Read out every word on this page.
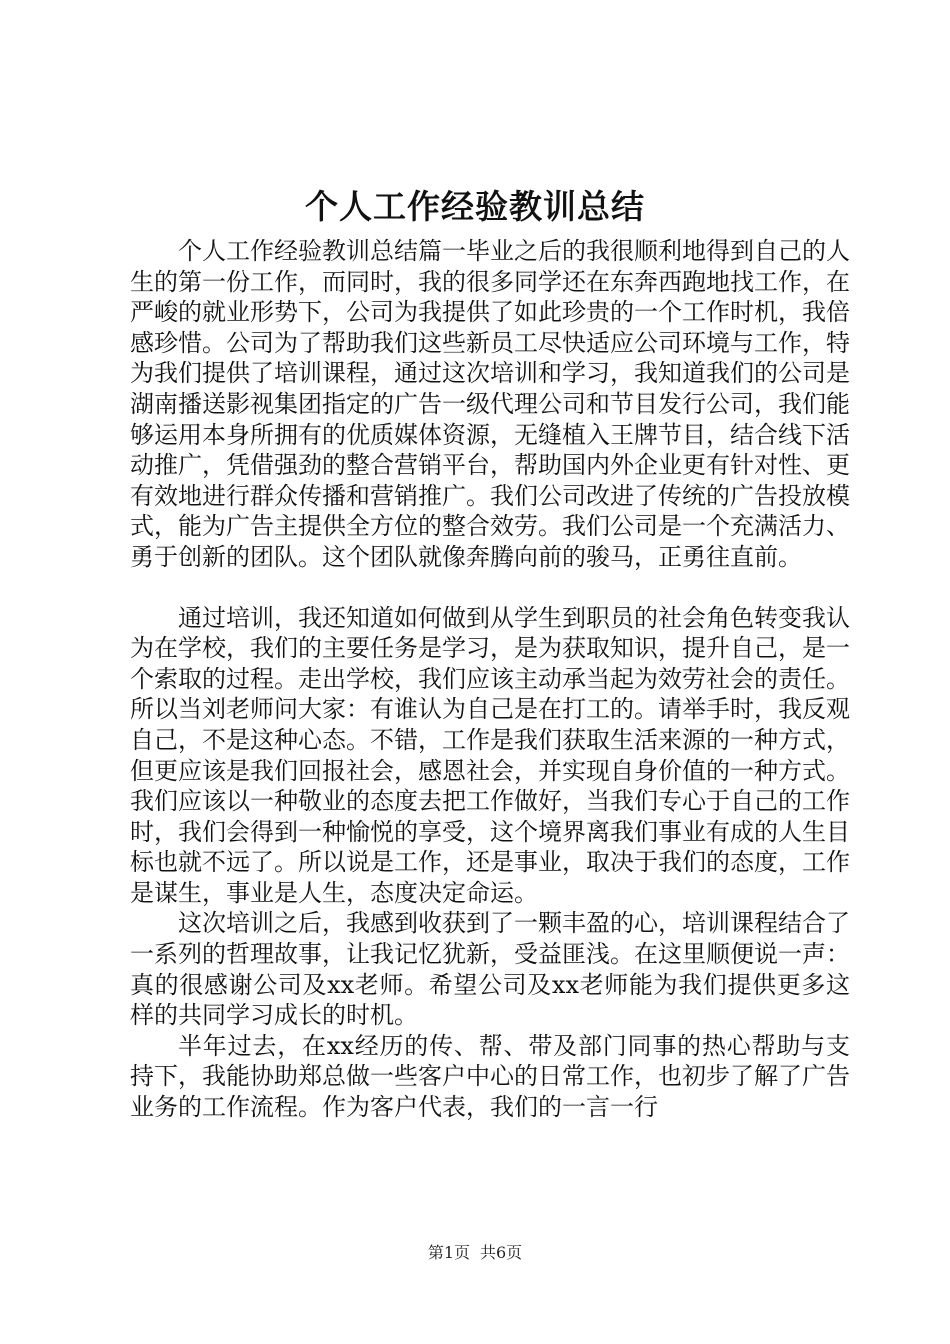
个人工作经验教训总结

个人工作经验教训总结篇一毕业之后的我很顺利地得到自己的人生的第一份工作，而同时，我的很多同学还在东奔西跑地找工作，在严峻的就业形势下，公司为我提供了如此珍贵的一个工作时机，我倍感珍惜。公司为了帮助我们这些新员工尽快适应公司环境与工作，特为我们提供了培训课程，通过这次培训和学习，我知道我们的公司是湖南播送影视集团指定的广告一级代理公司和节目发行公司，我们能够运用本身所拥有的优质媒体资源，无缝植入王牌节目，结合线下活动推广，凭借强劲的整合营销平台，帮助国内外企业更有针对性、更有效地进行群众传播和营销推广。我们公司改进了传统的广告投放模式，能为广告主提供全方位的整合效劳。我们公司是一个充满活力、勇于创新的团队。这个团队就像奔腾向前的骏马，正勇往直前。

通过培训，我还知道如何做到从学生到职员的社会角色转变我认为在学校，我们的主要任务是学习，是为获取知识，提升自己，是一个索取的过程。走出学校，我们应该主动承当起为效劳社会的责任。所以当刘老师问大家：有谁认为自己是在打工的。请举手时，我反观自己，不是这种心态。不错，工作是我们获取生活来源的一种方式，但更应该是我们回报社会，感恩社会，并实现自身价值的一种方式。我们应该以一种敬业的态度去把工作做好，当我们专心于自己的工作时，我们会得到一种愉悦的享受，这个境界离我们事业有成的人生目标也就不远了。所以说是工作，还是事业，取决于我们的态度，工作是谋生，事业是人生，态度决定命运。

这次培训之后，我感到收获到了一颗丰盈的心，培训课程结合了一系列的哲理故事，让我记忆犹新，受益匪浅。在这里顺便说一声：真的很感谢公司及xx老师。希望公司及xx老师能为我们提供更多这样的共同学习成长的时机。

半年过去，在xx经历的传、帮、带及部门同事的热心帮助与支持下，我能协助郑总做一些客户中心的日常工作，也初步了解了广告业务的工作流程。作为客户代表，我们的一言一行

第1页 共6页
